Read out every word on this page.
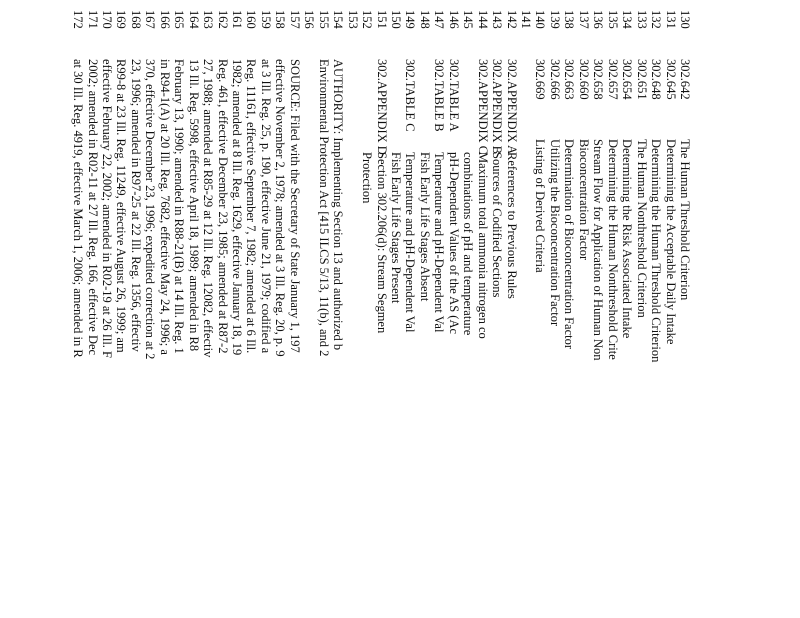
130
302.642
The Human Threshold Criterion
131
302.645
Determining the Acceptable Daily Intake
132
302.648
Determining the Human Threshold Criterion
133
302.651
The Human Nonthreshold Criterion
134
302.654
Determining the Risk Associated Intake
135
302.657
Determining the Human Nonthreshold Crite
136
302.658
Stream Flow for Application of Human Non
137
302.660
Bioconcentration Factor
138
302.663
Determination of Bioconcentration Factor
139
302.666
Utilizing the Bioconcentration Factor
140
302.669
Listing of Derived Criteria
141
142
302.APPENDIX A
References to Previous Rules
143
302.APPENDIX B
Sources of Codified Sections
144
302.APPENDIX C
Maximum total ammonia nitrogen co
145
combinations of pH and temperature
146
302.TABLE A
pH-Dependent Values of the AS (Ac
147
302.TABLE B
Temperature and pH-Dependent Val
148
Fish Early Life Stages Absent
149
302.TABLE C
Temperature and pH-Dependent Val
150
Fish Early Life Stages Present
151
302.APPENDIX D
Section 302.206(d): Stream Segmen
152
Protection
153
154
AUTHORITY: Implementing Section 13 and authorized b
155
Environmental Protection Act [415 ILCS 5/13, 11(b), and 2
156
157
SOURCE: Filed with the Secretary of State January 1, 197
158
effective November 2, 1978; amended at 3 Ill. Reg. 20, p. 9
159
at 3 Ill. Reg. 25, p. 190, effective June 21, 1979; codified a
160
Reg. 11161, effective September 7, 1982; amended at 6 Ill.
161
1982; amended at 8 Ill. Reg. 1629, effective January 18, 19
162
Reg. 461, effective December 23, 1985; amended at R87-2
163
27, 1988; amended at R85-29 at 12 Ill. Reg. 12082, effectiv
164
13 Ill. Reg. 5998, effective April 18, 1989; amended in R8
165
February 13, 1990; amended in R88-21(B) at 14 Ill. Reg. 1
166
in R94-1(A) at 20 Ill. Reg. 7682, effective May 24, 1996; a
167
370, effective December 23, 1996; expedited correction at 2
168
23, 1996; amended in R97-25 at 22 Ill. Reg. 1356, effectiv
169
R99-8 at 23 Ill. Reg. 11249, effective August 26, 1999; am
170
effective February 22, 2002; amended in R02-19 at 26 Ill. F
171
2002; amended in R02-11 at 27 Ill. Reg. 166, effective Dec
172
at 30 Ill. Reg. 4919, effective March 1, 2006; amended in R
